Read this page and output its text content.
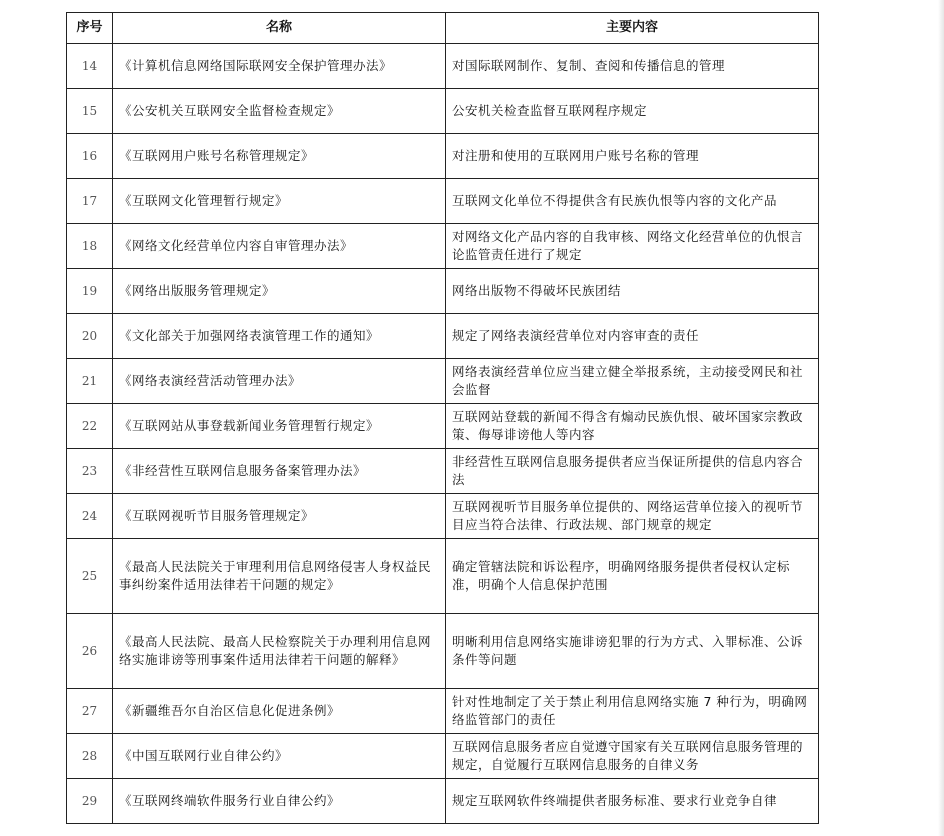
序号	名称	主要内容
14	《计算机信息网络国际联网安全保护管理办法》	对国际联网制作、复制、查阅和传播信息的管理
15	《公安机关互联网安全监督检查规定》	公安机关检查监督互联网程序规定
16	《互联网用户账号名称管理规定》	对注册和使用的互联网用户账号名称的管理
17	《互联网文化管理暂行规定》	互联网文化单位不得提供含有民族仇恨等内容的文化产品
18	《网络文化经营单位内容自审管理办法》	对网络文化产品内容的自我审核、网络文化经营单位的仇恨言论监管责任进行了规定
19	《网络出版服务管理规定》	网络出版物不得破坏民族团结
20	《文化部关于加强网络表演管理工作的通知》	规定了网络表演经营单位对内容审查的责任
21	《网络表演经营活动管理办法》	网络表演经营单位应当建立健全举报系统，主动接受网民和社会监督
22	《互联网站从事登载新闻业务管理暂行规定》	互联网站登载的新闻不得含有煽动民族仇恨、破坏国家宗教政策、侮辱诽谤他人等内容
23	《非经营性互联网信息服务备案管理办法》	非经营性互联网信息服务提供者应当保证所提供的信息内容合法
24	《互联网视听节目服务管理规定》	互联网视听节目服务单位提供的、网络运营单位接入的视听节目应当符合法律、行政法规、部门规章的规定
25	《最高人民法院关于审理利用信息网络侵害人身权益民事纠纷案件适用法律若干问题的规定》	确定管辖法院和诉讼程序，明确网络服务提供者侵权认定标准，明确个人信息保护范围
26	《最高人民法院、最高人民检察院关于办理利用信息网络实施诽谤等刑事案件适用法律若干问题的解释》	明晰利用信息网络实施诽谤犯罪的行为方式、入罪标准、公诉条件等问题
27	《新疆维吾尔自治区信息化促进条例》	针对性地制定了关于禁止利用信息网络实施 7 种行为，明确网络监管部门的责任
28	《中国互联网行业自律公约》	互联网信息服务者应自觉遵守国家有关互联网信息服务管理的规定，自觉履行互联网信息服务的自律义务
29	《互联网终端软件服务行业自律公约》	规定互联网软件终端提供者服务标准、要求行业竞争自律
